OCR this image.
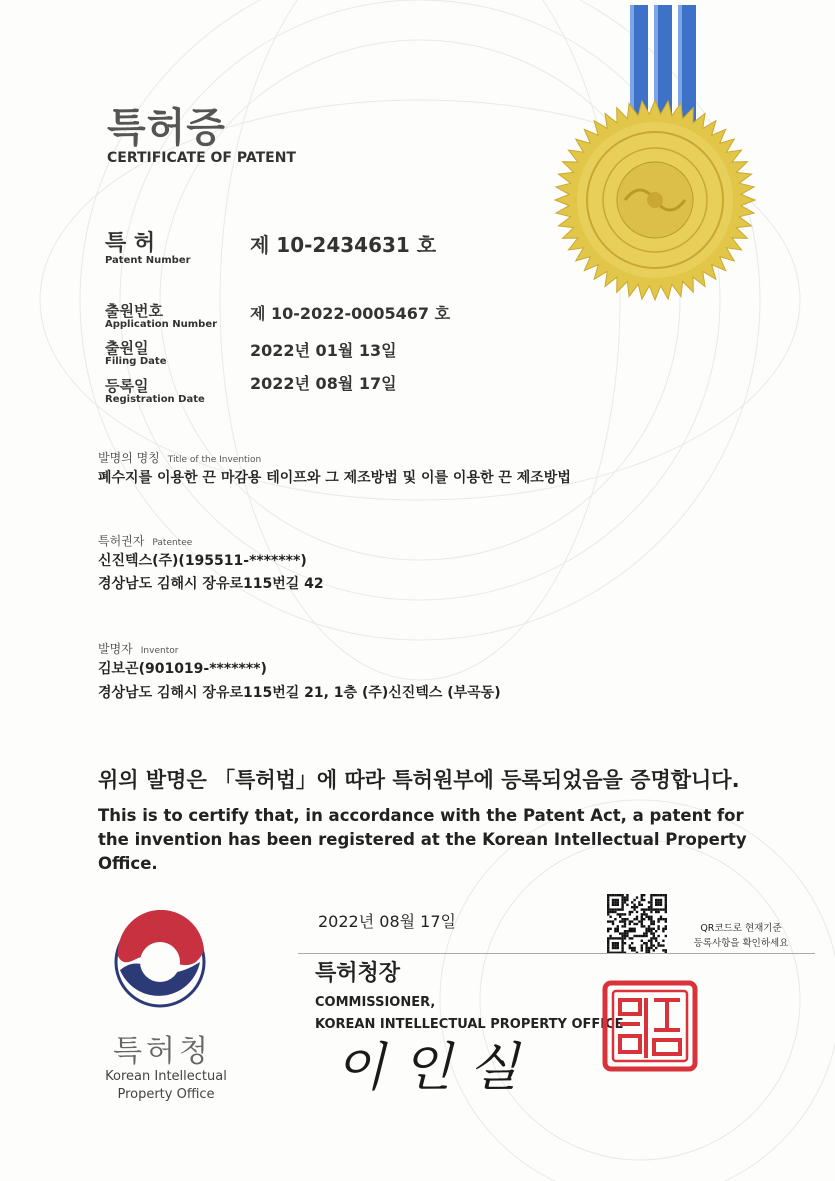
특허증
CERTIFICATE OF PATENT
특 허
Patent Number
제 10-2434631 호
출원번호
Application Number
제 10-2022-0005467 호
출원일
Filing Date
2022년 01월 13일
등록일
Registration Date
2022년 08월 17일
발명의 명칭 Title of the Invention
폐수지를 이용한 끈 마감용 테이프와 그 제조방법 및 이를 이용한 끈 제조방법
특허권자 Patentee
신진텍스(주)(195511-*******)
경상남도 김해시 장유로115번길 42
발명자 Inventor
김보곤(901019-*******)
경상남도 김해시 장유로115번길 21, 1층 (주)신진텍스 (부곡동)
위의 발명은 「특허법」에 따라 특허원부에 등록되었음을 증명합니다.
This is to certify that, in accordance with the Patent Act, a patent for the invention has been registered at the Korean Intellectual Property Office.
특허청
Korean Intellectual
Property Office
2022년 08월 17일	QR코드로 현재기준
등록사항을 확인하세요
특허청장
COMMISSIONER,
KOREAN INTELLECTUAL PROPERTY OFFICE
이 인 실
